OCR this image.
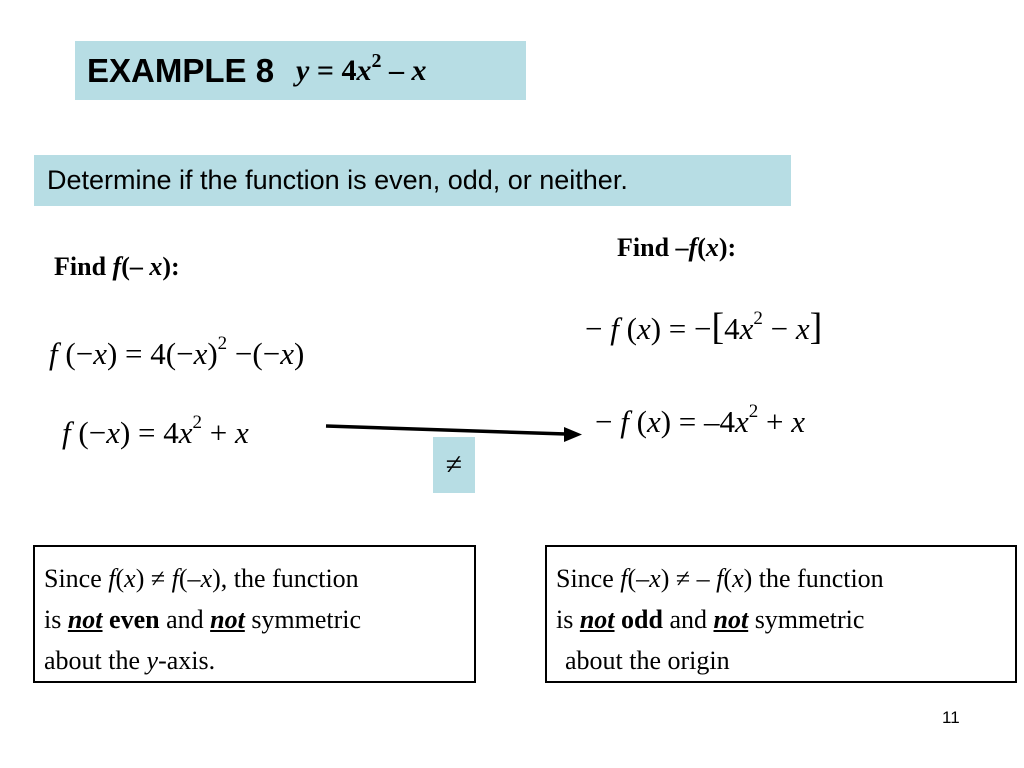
EXAMPLE 8 $y = 4x^2 - x$
Determine if the function is even, odd, or neither.
Find f(– x):
Find –f(x):
f $(-x) = 4(-x)^2 -(-x)$
f $(-x) = 4x^2 + x$
− f $(x) = -[4x^2 - x]$
− f $(x) = -4x^2 + x$
≠
Since f(x) ≠ f(–x), the function
is not even and not symmetric
about the y-axis.
Since f(–x) ≠ – f(x) the function
is not odd and not symmetric
about the origin
11
